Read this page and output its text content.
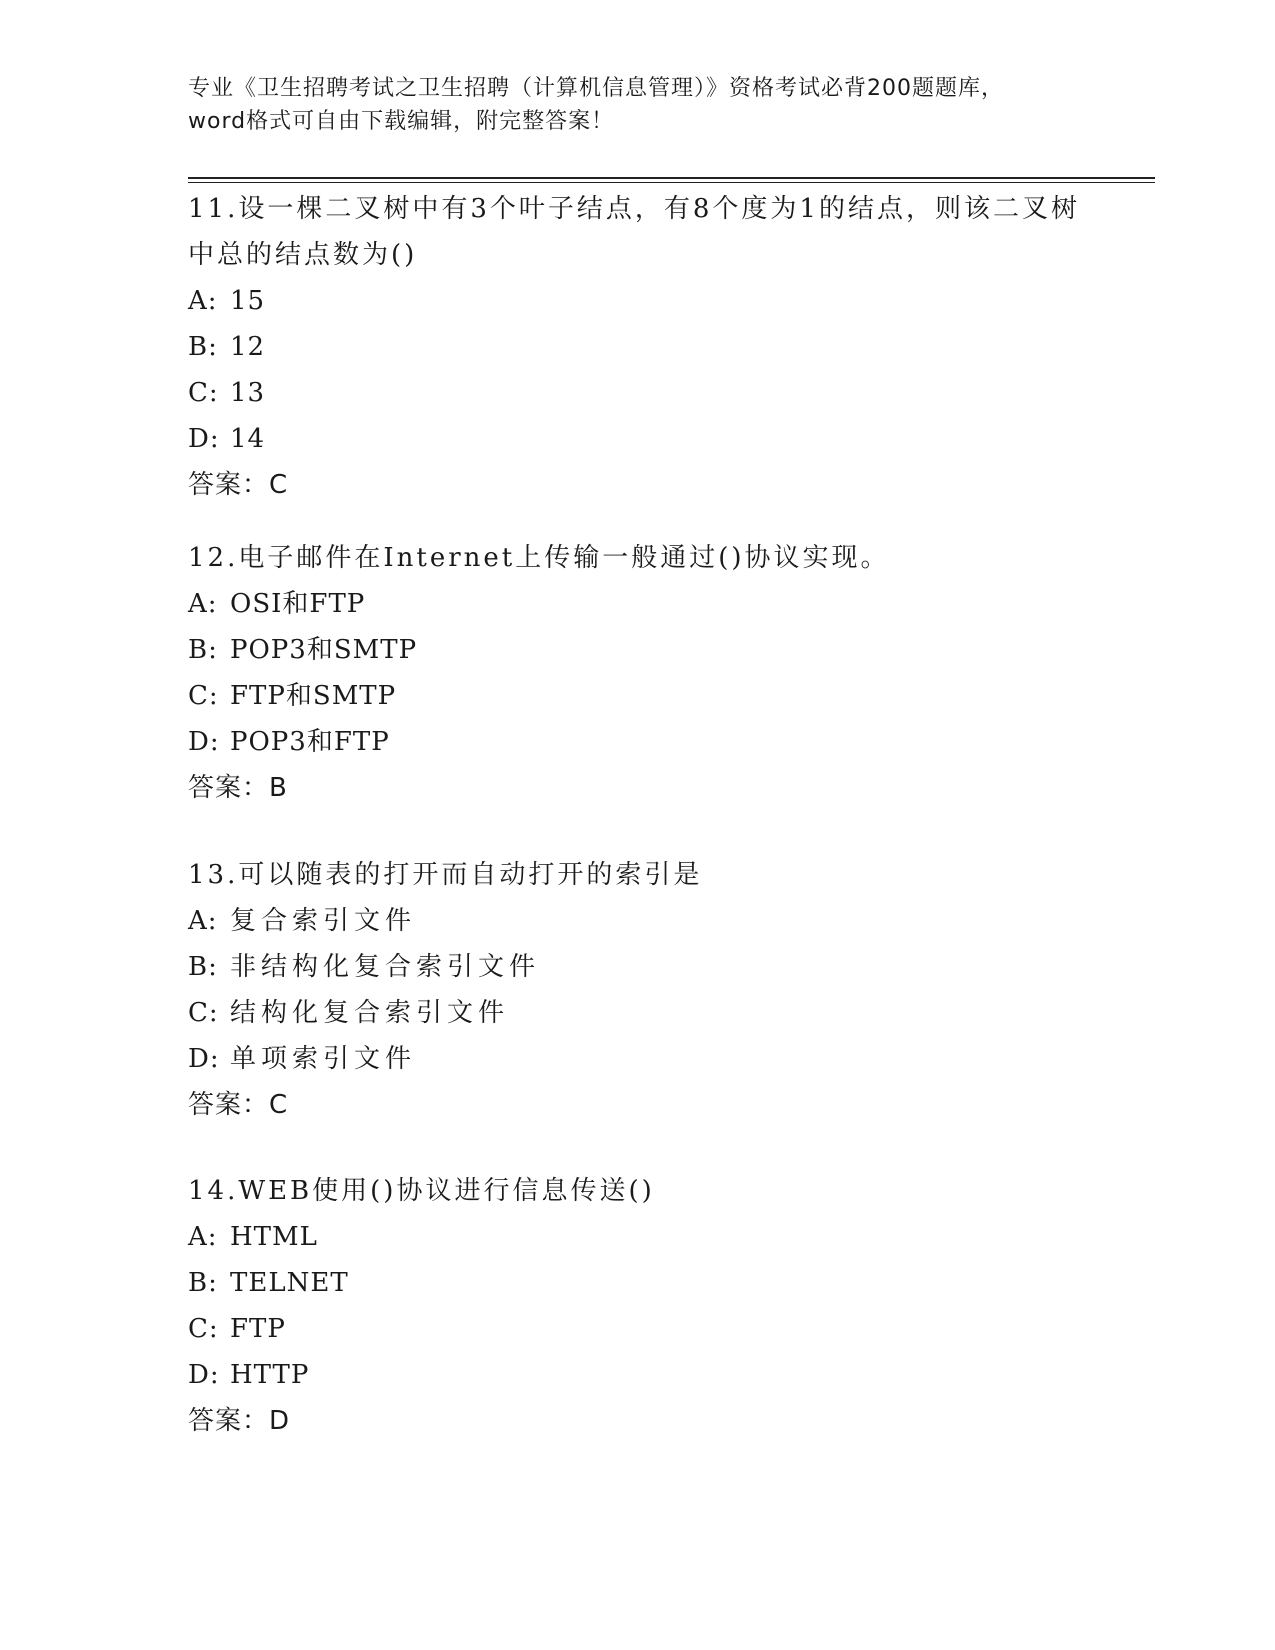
专业《卫生招聘考试之卫生招聘（计算机信息管理）》资格考试必背200题题库，
word格式可自由下载编辑，附完整答案！

11.设一棵二叉树中有3个叶子结点，有8个度为1的结点，则该二叉树中总的结点数为()

A: 15

B: 12

C: 13

D: 14

答案：C

12.电子邮件在Internet上传输一般通过()协议实现。

A: OSI和FTP

B: POP3和SMTP

C: FTP和SMTP

D: POP3和FTP

答案：B

13.可以随表的打开而自动打开的索引是

A: 复合索引文件

B: 非结构化复合索引文件

C: 结构化复合索引文件

D: 单项索引文件

答案：C

14.WEB使用()协议进行信息传送()

A: HTML

B: TELNET

C: FTP

D: HTTP

答案：D
